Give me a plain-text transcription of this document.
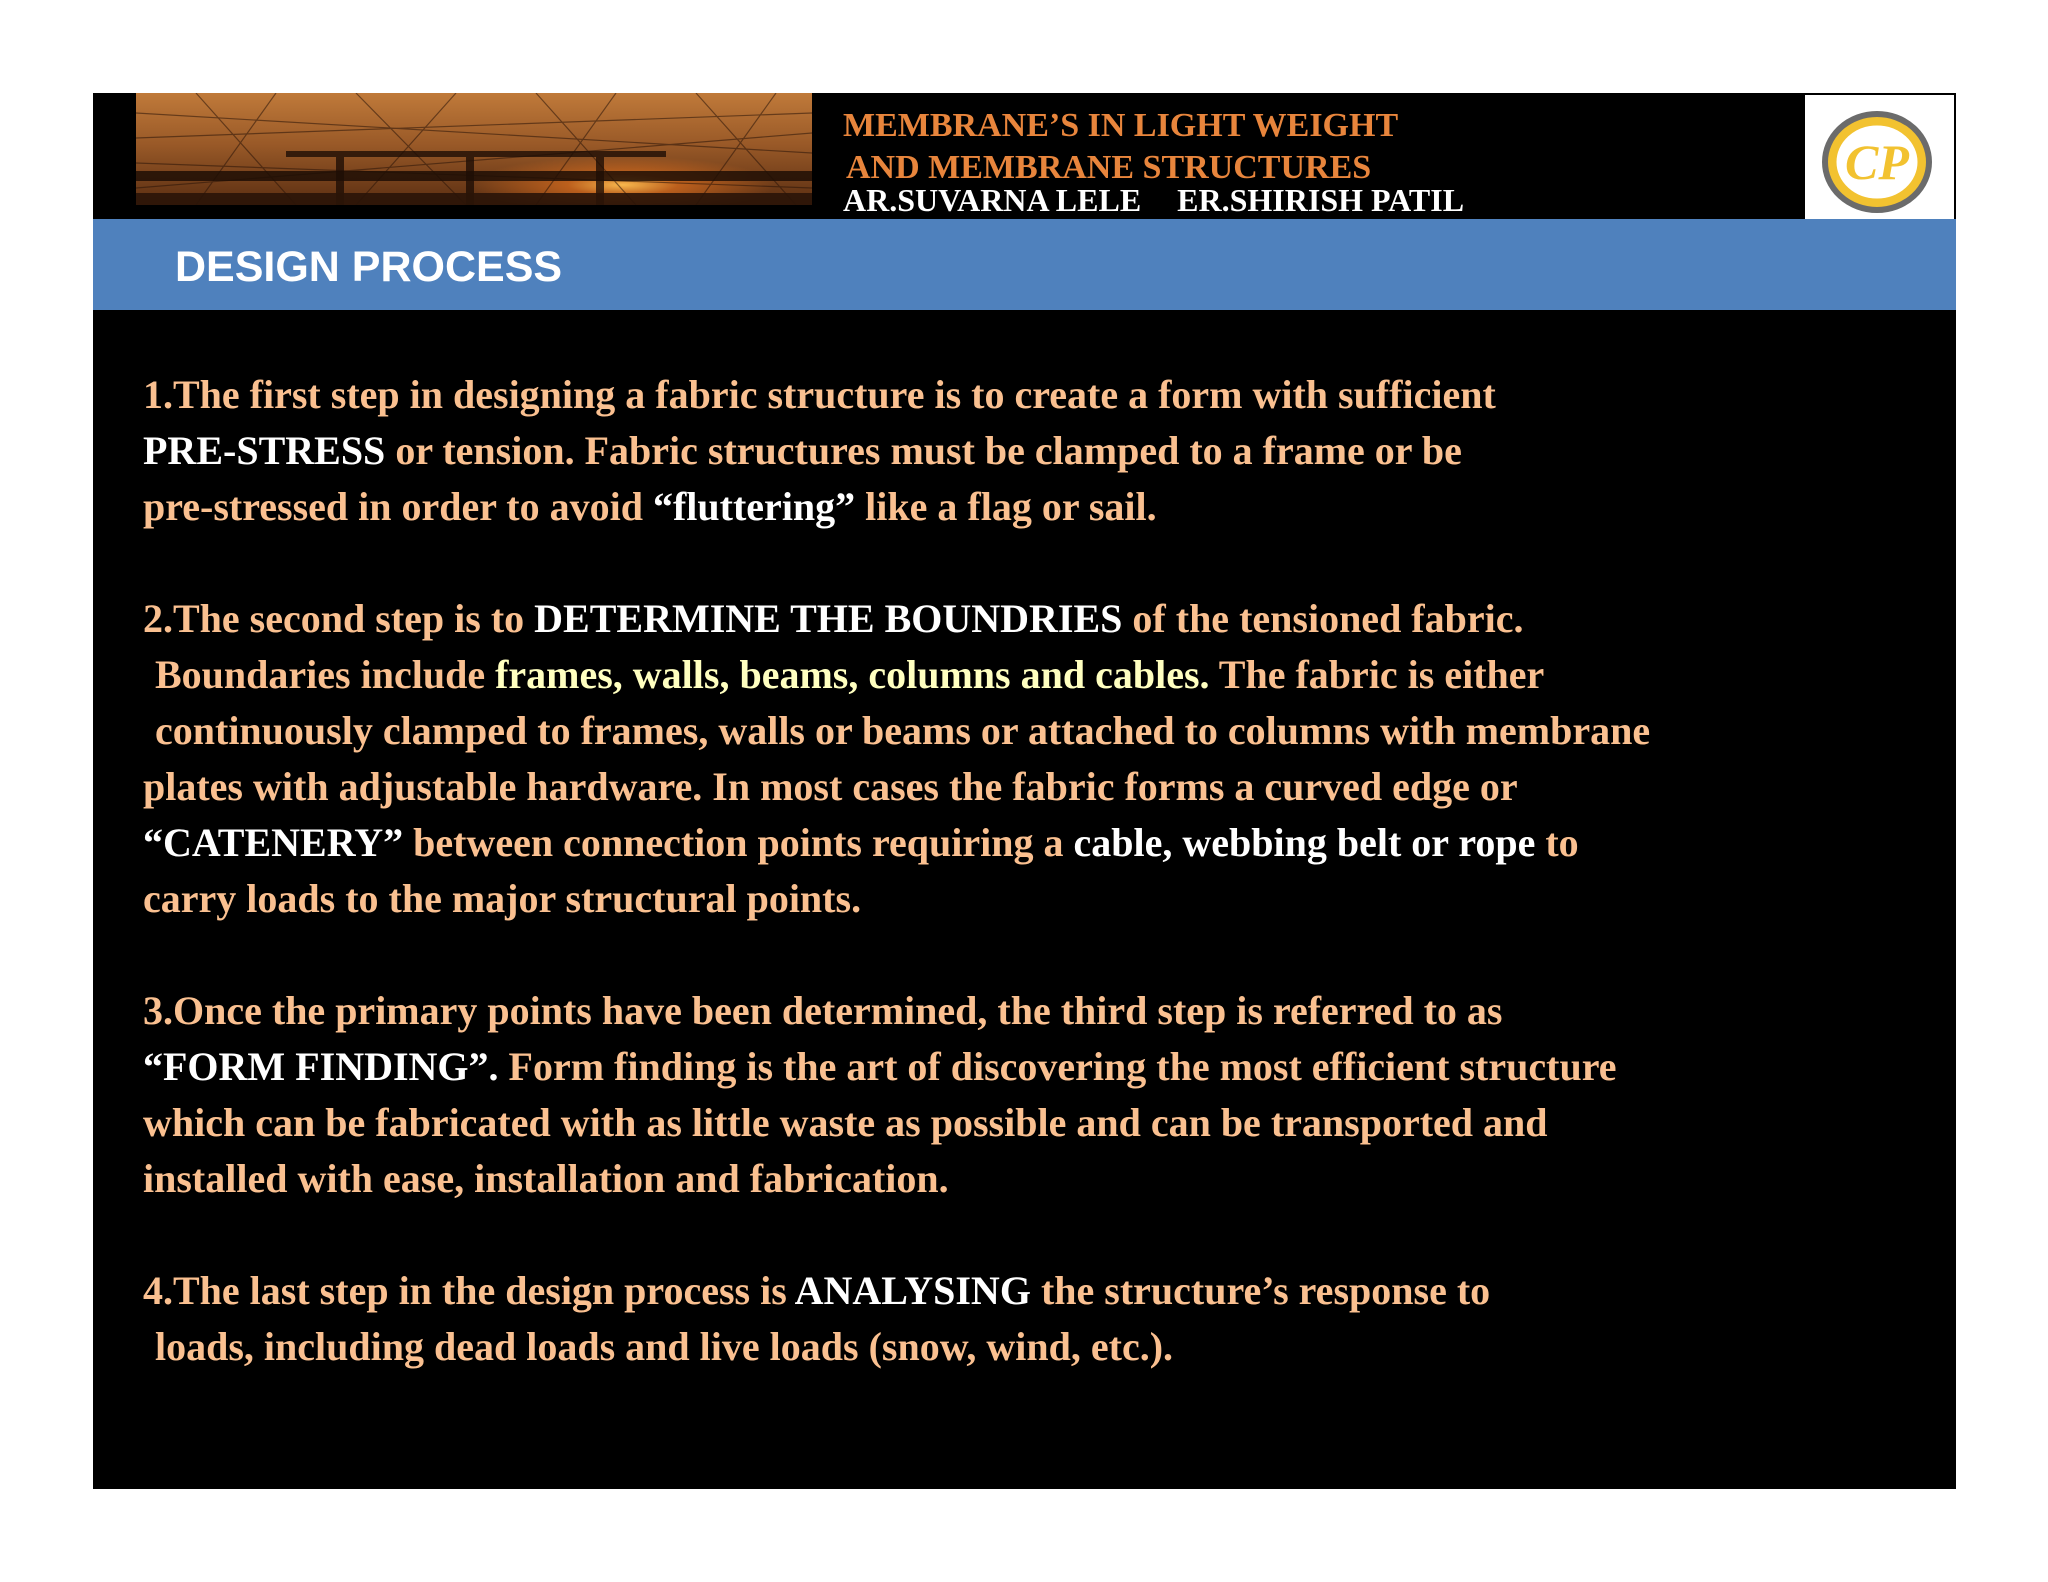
MEMBRANE’S IN LIGHT WEIGHT
AND MEMBRANE STRUCTURES
AR.SUVARNA LELE ER.SHIRISH PATIL
CP
DESIGN PROCESS
1.The first step in designing a fabric structure is to create a form with sufficient
PRE-STRESS or tension. Fabric structures must be clamped to a frame or be
pre-stressed in order to avoid “fluttering” like a flag or sail.
2.The second step is to DETERMINE THE BOUNDRIES of the tensioned fabric.
Boundaries include frames, walls, beams, columns and cables. The fabric is either
continuously clamped to frames, walls or beams or attached to columns with membrane
plates with adjustable hardware. In most cases the fabric forms a curved edge or
“CATENERY” between connection points requiring a cable, webbing belt or rope to
carry loads to the major structural points.
3.Once the primary points have been determined, the third step is referred to as
“FORM FINDING”. Form finding is the art of discovering the most efficient structure
which can be fabricated with as little waste as possible and can be transported and
installed with ease, installation and fabrication.
4.The last step in the design process is ANALYSING the structure’s response to
loads, including dead loads and live loads (snow, wind, etc.).
